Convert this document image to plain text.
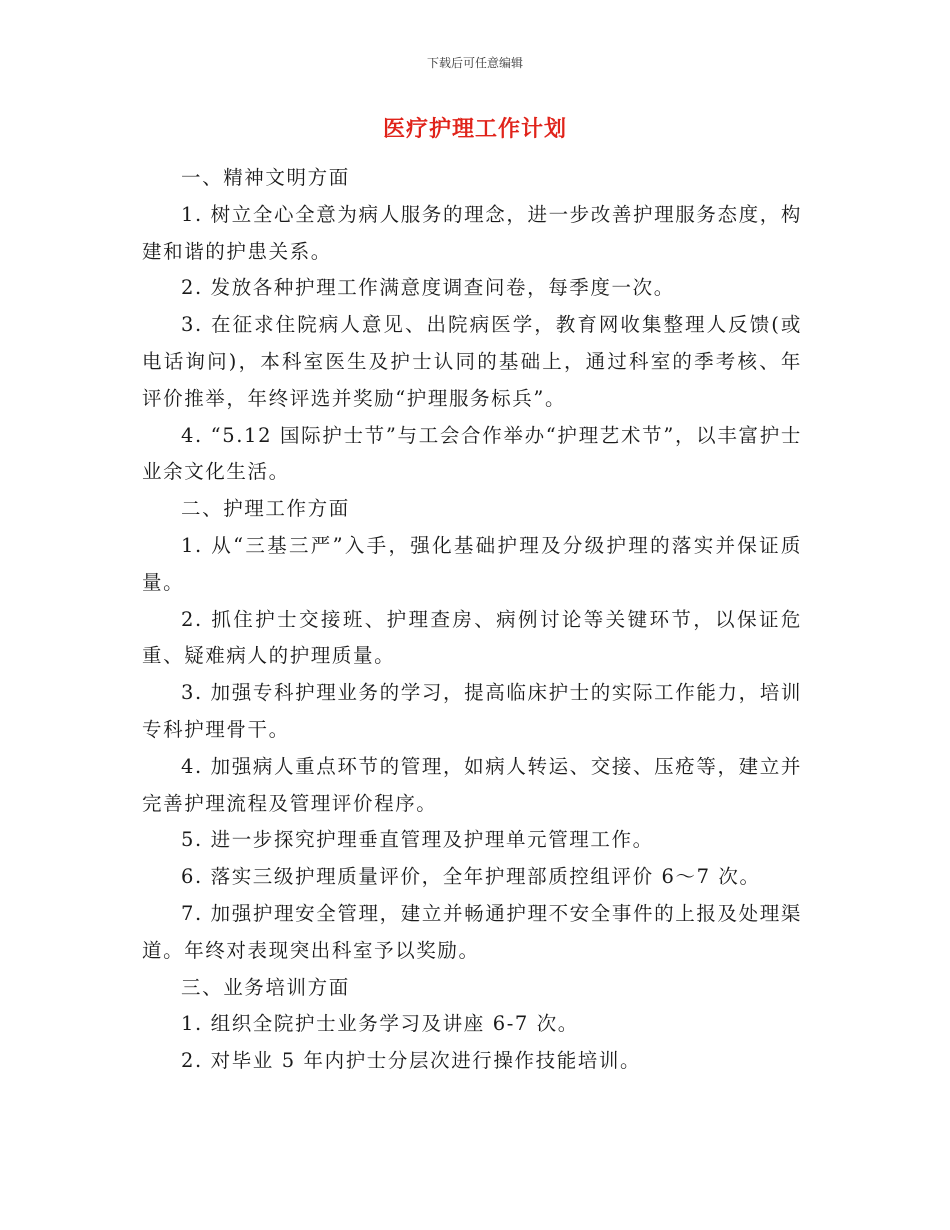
下载后可任意编辑
医疗护理工作计划

一、精神文明方面

1. 树立全心全意为病人服务的理念，进一步改善护理服务态度，构建和谐的护患关系。

2. 发放各种护理工作满意度调查问卷，每季度一次。

3. 在征求住院病人意见、出院病医学，教育网收集整理人反馈(或电话询问)，本科室医生及护士认同的基础上，通过科室的季考核、年评价推举，年终评选并奖励“护理服务标兵”。

4. “5.12 国际护士节”与工会合作举办“护理艺术节”，以丰富护士业余文化生活。

二、护理工作方面

1. 从“三基三严”入手，强化基础护理及分级护理的落实并保证质量。

2. 抓住护士交接班、护理查房、病例讨论等关键环节，以保证危重、疑难病人的护理质量。

3. 加强专科护理业务的学习，提高临床护士的实际工作能力，培训专科护理骨干。

4. 加强病人重点环节的管理，如病人转运、交接、压疮等，建立并完善护理流程及管理评价程序。

5. 进一步探究护理垂直管理及护理单元管理工作。

6. 落实三级护理质量评价，全年护理部质控组评价 6～7 次。

7. 加强护理安全管理，建立并畅通护理不安全事件的上报及处理渠道。年终对表现突出科室予以奖励。

三、业务培训方面

1. 组织全院护士业务学习及讲座 6-7 次。

2. 对毕业 5 年内护士分层次进行操作技能培训。
